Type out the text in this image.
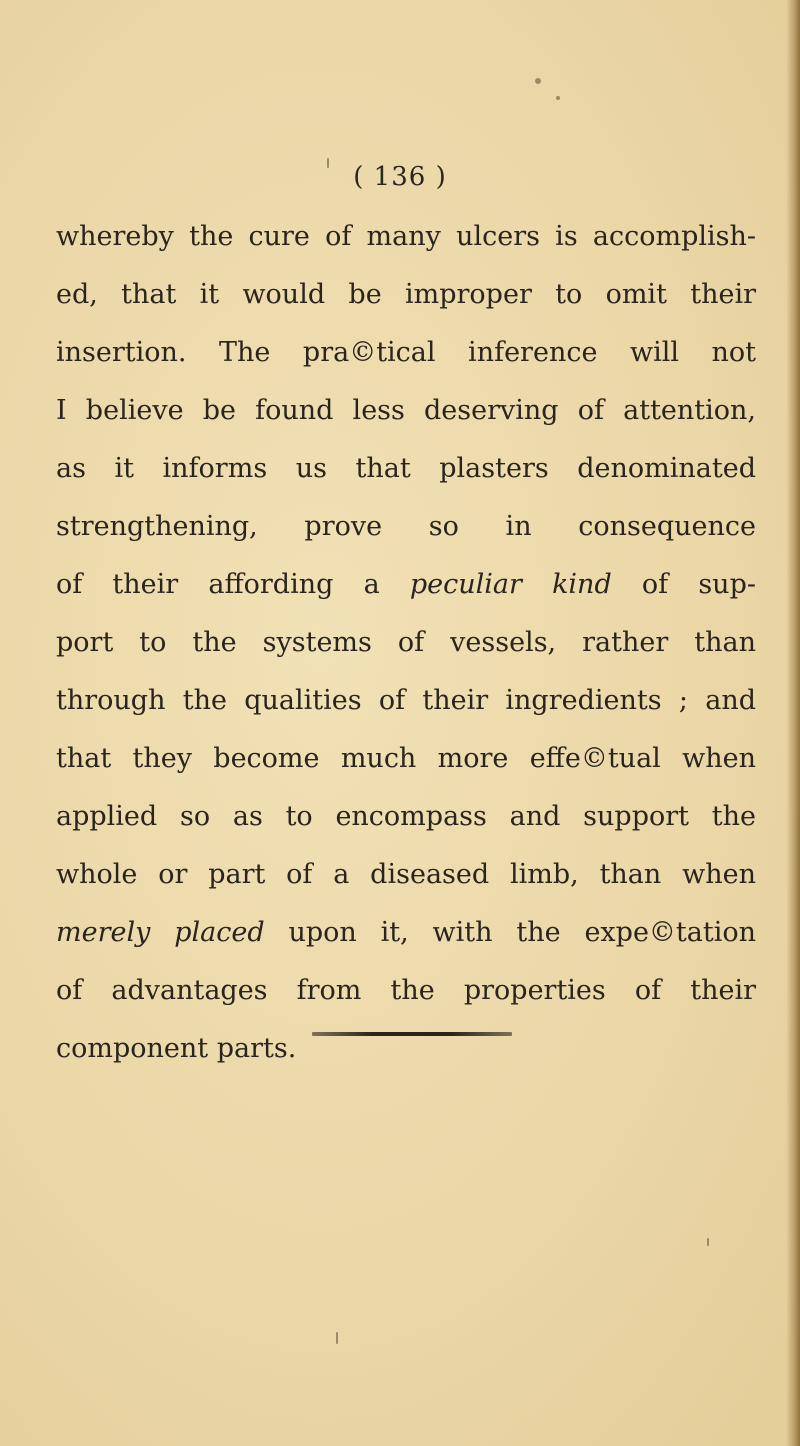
( 136 )
whereby the cure of many ulcers is accomplish-
ed, that it would be improper to omit their
insertion. The pra©tical inference will not
I believe be found less deserving of attention,
as it informs us that plasters denominated
strengthening, prove so in consequence
of their affording a peculiar kind of sup-
port to the systems of vessels, rather than
through the qualities of their ingredients ; and
that they become much more effe©tual when
applied so as to encompass and support the
whole or part of a diseased limb, than when
merely placed upon it, with the expe©tation
of advantages from the properties of their
component parts.
